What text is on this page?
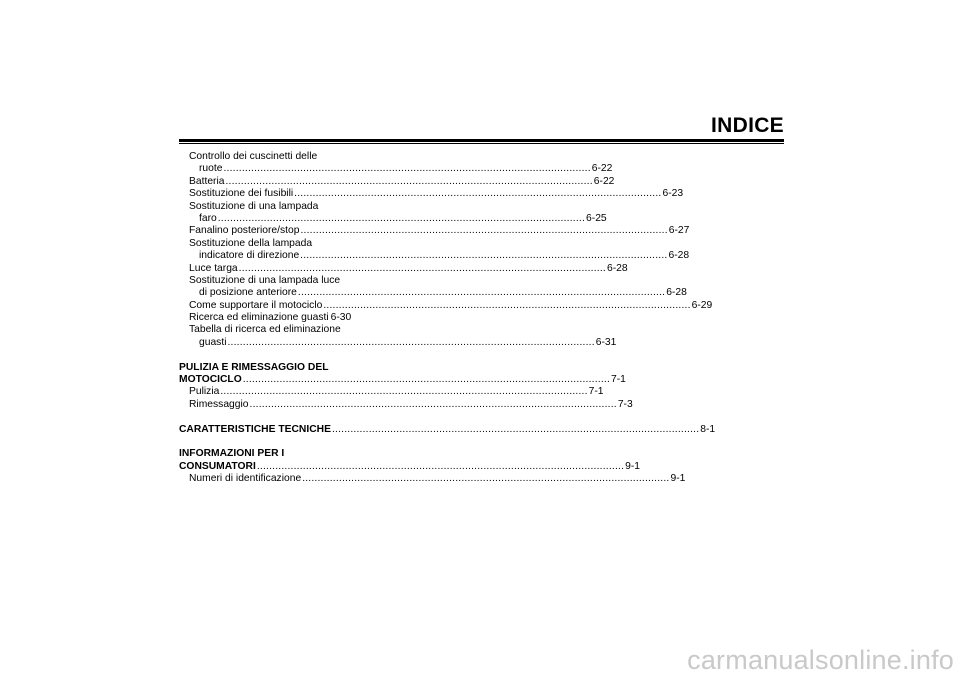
INDICE
Controllo dei cuscinetti delle
ruote ........................................................................................................................ 6-22
Batteria ........................................................................................................................ 6-22
Sostituzione dei fusibili ........................................................................................................................ 6-23
Sostituzione di una lampada
faro ........................................................................................................................ 6-25
Fanalino posteriore/stop ........................................................................................................................ 6-27
Sostituzione della lampada
indicatore di direzione ........................................................................................................................ 6-28
Luce targa ........................................................................................................................ 6-28
Sostituzione di una lampada luce
di posizione anteriore ........................................................................................................................ 6-28
Come supportare il motociclo ........................................................................................................................ 6-29
Ricerca ed eliminazione guasti 6-30
Tabella di ricerca ed eliminazione
guasti ........................................................................................................................ 6-31
PULIZIA E RIMESSAGGIO DEL
MOTOCICLO ........................................................................................................................ 7-1
Pulizia ........................................................................................................................ 7-1
Rimessaggio ........................................................................................................................ 7-3
CARATTERISTICHE TECNICHE ........................................................................................................................ 8-1
INFORMAZIONI PER I
CONSUMATORI ........................................................................................................................ 9-1
Numeri di identificazione ........................................................................................................................ 9-1
carmanualsonline.info
